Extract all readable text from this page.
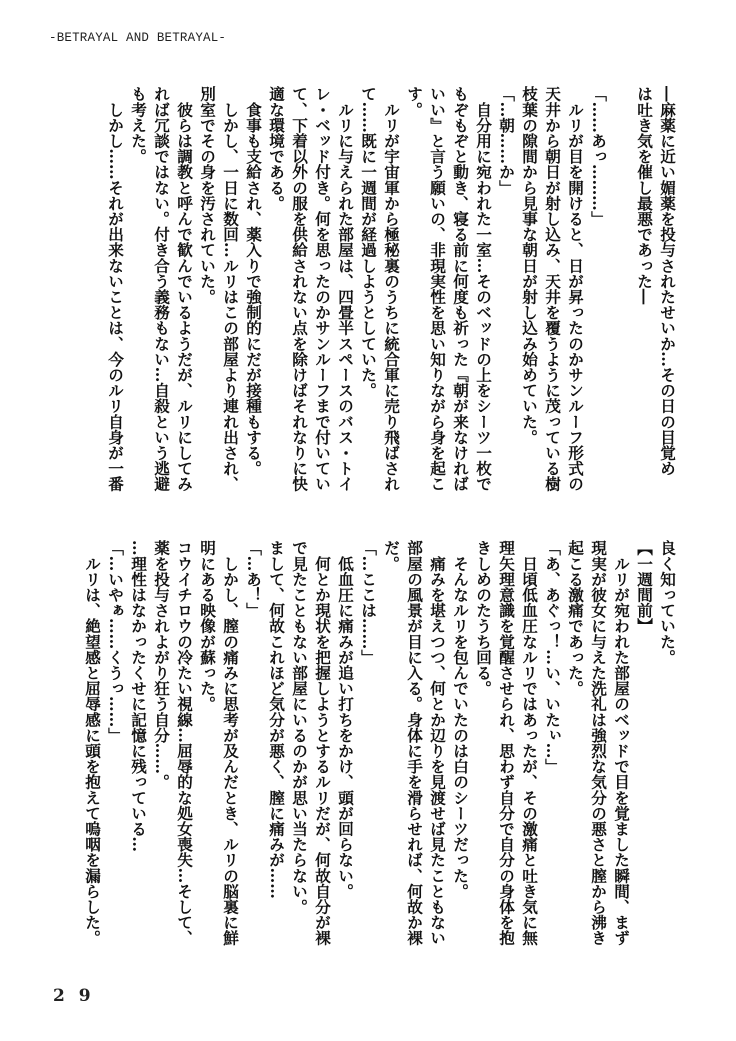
-BETRAYAL AND BETRAYAL-
―麻薬に近い媚薬を投与されたせいか…その日の目覚め
は吐き気を催し最悪であった―
「……あっ………」
　ルリが目を開けると、日が昇ったのかサンルーフ形式の
天井から朝日が射し込み、天井を覆うように茂っている樹
枝葉の隙間から見事な朝日が射し込み始めていた。
「…朝……か」
　自分用に宛われた一室…そのベッドの上をシーツ一枚で
もぞもぞと動き、寝る前に何度も祈った『朝が来なければ
いい』と言う願いの、非現実性を思い知りながら身を起こ
す。
　ルリが宇宙軍から極秘裏のうちに統合軍に売り飛ばされ
て……既に一週間が経過しようとしていた。
　ルリに与えられた部屋は、四畳半スペースのバス・トイ
レ・ベッド付き。何を思ったのかサンルーフまで付いてい
て、下着以外の服を供給されない点を除けばそれなりに快
適な環境である。
　食事も支給され、薬入りで強制的にだが接種もする。
　しかし、一日に数回…ルリはこの部屋より連れ出され、
別室でその身を汚されていた。
　彼らは調教と呼んで歓んでいるようだが、ルリにしてみ
れば冗談ではない。付き合う義務もない…自殺という逃避
も考えた。
　しかし……それが出来ないことは、今のルリ自身が一番
良く知っていた。
【一週間前】
　ルリが宛われた部屋のベッドで目を覚ました瞬間、まず
現実が彼女に与えた洗礼は強烈な気分の悪さと膣から沸き
起こる激痛であった。
「あ、あぐっ！…い、いたぃ…」
　日頃低血圧なルリではあったが、その激痛と吐き気に無
理矢理意識を覚醒させられ、思わず自分で自分の身体を抱
きしめのたうち回る。
　そんなルリを包んでいたのは白のシーツだった。
　痛みを堪えつつ、何とか辺りを見渡せば見たこともない
部屋の風景が目に入る。身体に手を滑らせれば、何故か裸
だ。
「…ここは……」
　低血圧に痛みが追い打ちをかけ、頭が回らない。
　何とか現状を把握しようとするルリだが、何故自分が裸
で見たこともない部屋にいるのかが思い当たらない。
まして、何故これほど気分が悪く、膣に痛みが……
「…あ！」
　しかし、膣の痛みに思考が及んだとき、ルリの脳裏に鮮
明にある映像が蘇った。
コウイチロウの冷たい視線…屈辱的な処女喪失…そして、
薬を投与されよがり狂う自分……。
…理性はなかったくせに記憶に残っている…
「…いやぁ……くうっ……」
　ルリは、絶望感と屈辱感に頭を抱えて嗚咽を漏らした。
2 9
